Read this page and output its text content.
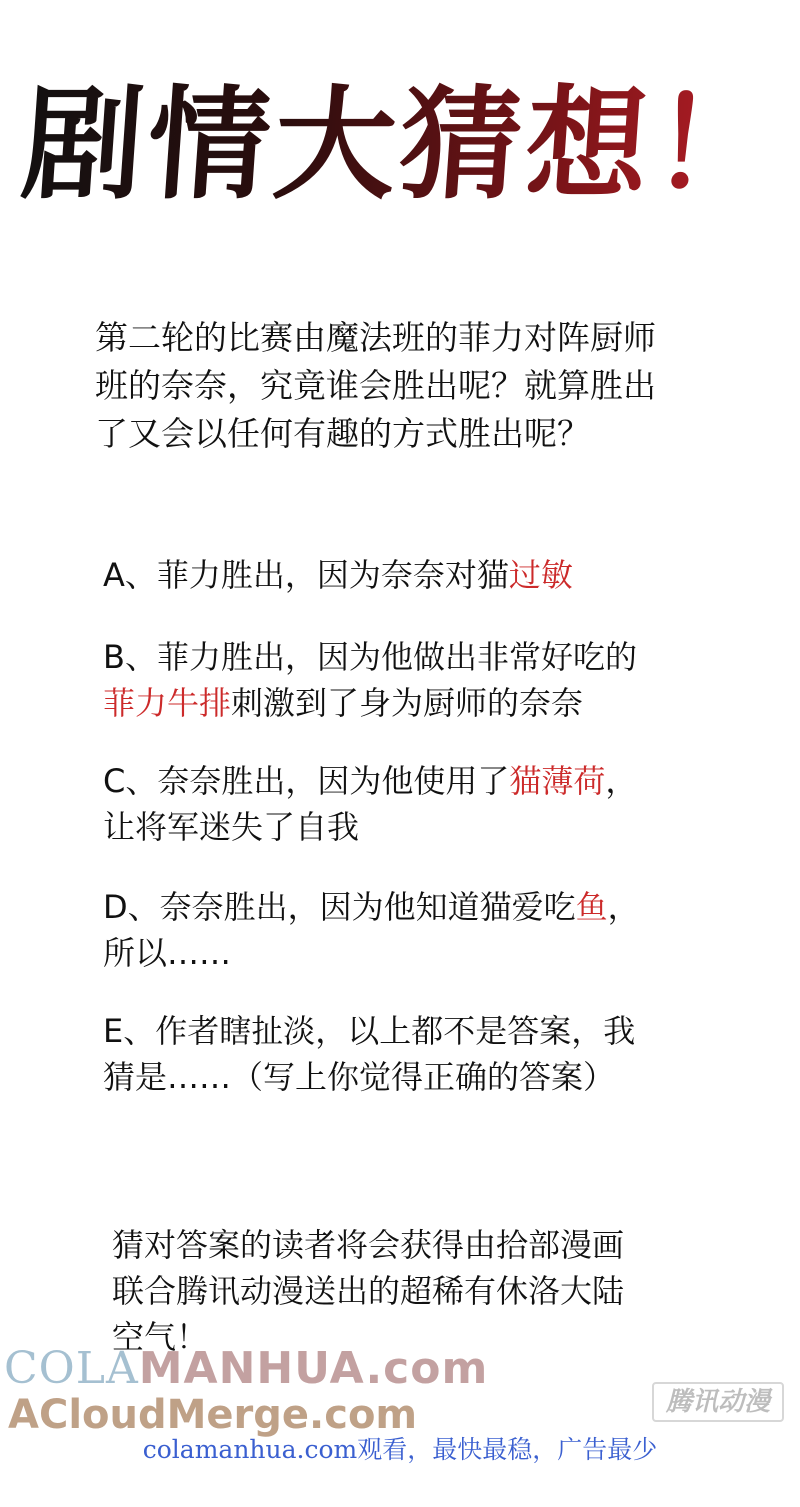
剧情大猜想！

第二轮的比赛由魔法班的菲力对阵厨师
班的奈奈，究竟谁会胜出呢？就算胜出
了又会以任何有趣的方式胜出呢？

A、菲力胜出，因为奈奈对猫过敏

B、菲力胜出，因为他做出非常好吃的
菲力牛排刺激到了身为厨师的奈奈

C、奈奈胜出，因为他使用了猫薄荷，
让将军迷失了自我

D、奈奈胜出，因为他知道猫爱吃鱼，
所以……

E、作者瞎扯淡，以上都不是答案，我
猜是……（写上你觉得正确的答案）

猜对答案的读者将会获得由拾部漫画
联合腾讯动漫送出的超稀有休洛大陆
空气！

COLAMANHUA.com
ACloudMerge.com	腾讯动漫
colamanhua.com观看，最快最稳，广告最少
